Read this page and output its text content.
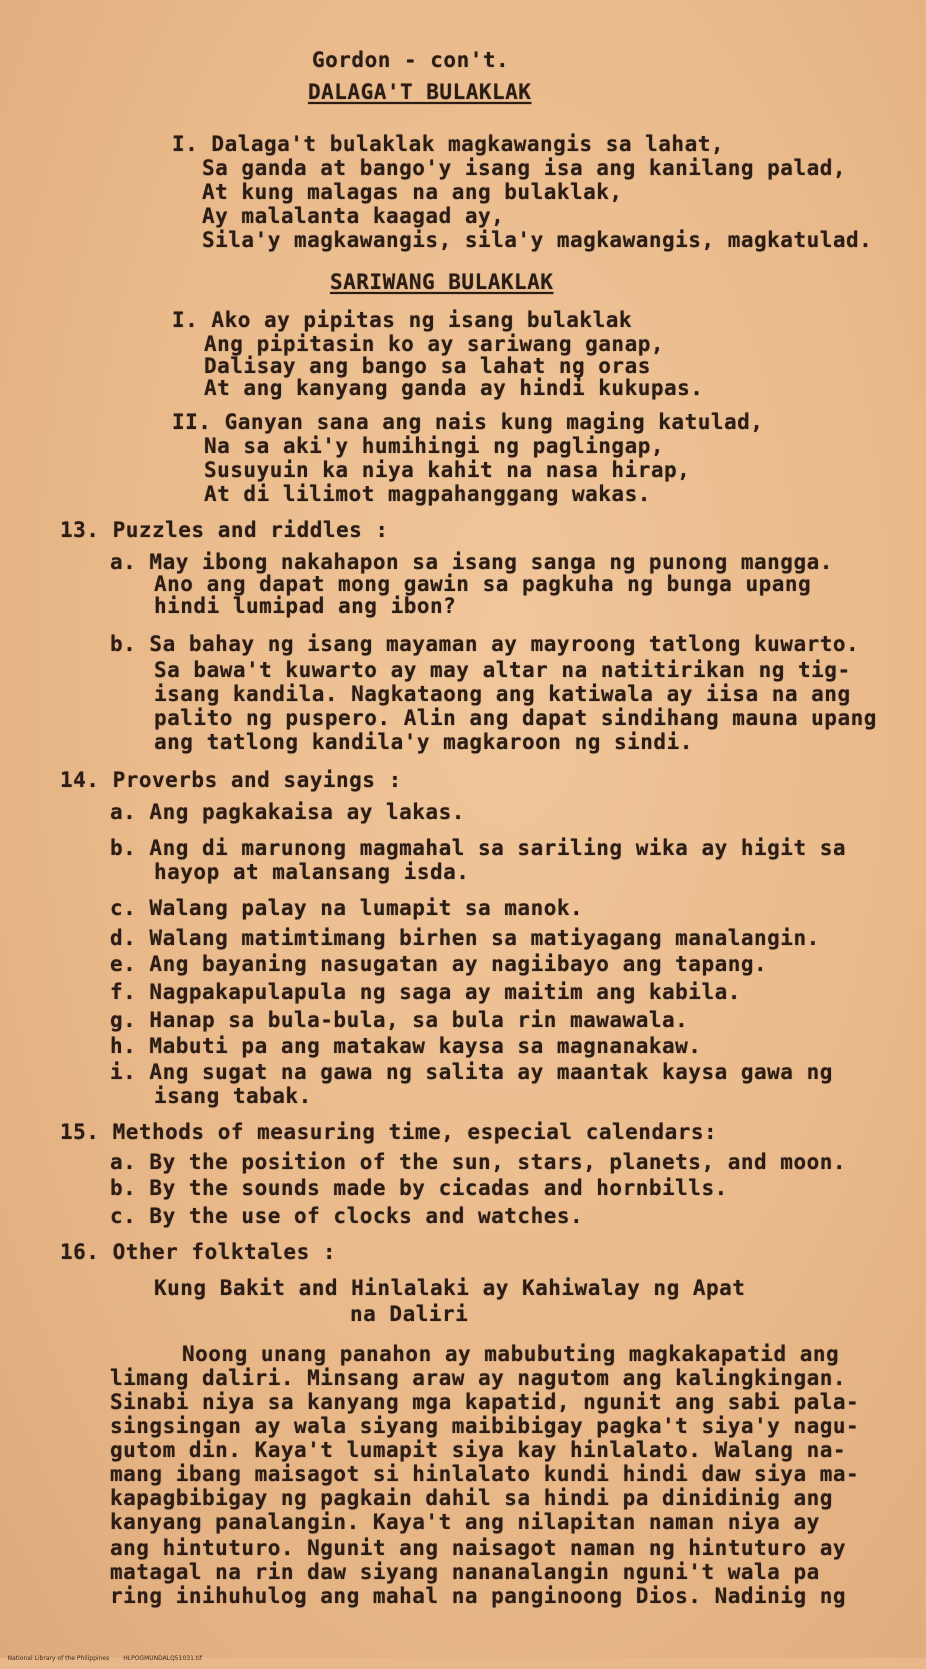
Gordon - con't.
DALAGA'T BULAKLAK
I. Dalaga't bulaklak magkawangis sa lahat,
Sa ganda at bango'y isang isa ang kanilang palad,
At kung malagas na ang bulaklak,
Ay malalanta kaagad ay,
Sila'y magkawangis, sila'y magkawangis, magkatulad.
SARIWANG BULAKLAK
I. Ako ay pipitas ng isang bulaklak
Ang pipitasin ko ay sariwang ganap,
Dalisay ang bango sa lahat ng oras
At ang kanyang ganda ay hindi kukupas.
II. Ganyan sana ang nais kung maging katulad,
Na sa aki'y humihingi ng paglingap,
Susuyuin ka niya kahit na nasa hirap,
At di lilimot magpahanggang wakas.
13. Puzzles and riddles :
a. May ibong nakahapon sa isang sanga ng punong mangga.
Ano ang dapat mong gawin sa pagkuha ng bunga upang
hindi lumipad ang ibon?
b. Sa bahay ng isang mayaman ay mayroong tatlong kuwarto.
Sa bawa't kuwarto ay may altar na natitirikan ng tig-
isang kandila. Nagkataong ang katiwala ay iisa na ang
palito ng puspero. Alin ang dapat sindihang mauna upang
ang tatlong kandila'y magkaroon ng sindi.
14. Proverbs and sayings :
a. Ang pagkakaisa ay lakas.
b. Ang di marunong magmahal sa sariling wika ay higit sa
hayop at malansang isda.
c. Walang palay na lumapit sa manok.
d. Walang matimtimang birhen sa matiyagang manalangin.
e. Ang bayaning nasugatan ay nagiibayo ang tapang.
f. Nagpakapulapula ng saga ay maitim ang kabila.
g. Hanap sa bula-bula, sa bula rin mawawala.
h. Mabuti pa ang matakaw kaysa sa magnanakaw.
i. Ang sugat na gawa ng salita ay maantak kaysa gawa ng
isang tabak.
15. Methods of measuring time, especial calendars:
a. By the position of the sun, stars, planets, and moon.
b. By the sounds made by cicadas and hornbills.
c. By the use of clocks and watches.
16. Other folktales :
Kung Bakit and Hinlalaki ay Kahiwalay ng Apat
na Daliri
Noong unang panahon ay mabubuting magkakapatid ang
limang daliri. Minsang araw ay nagutom ang kalingkingan.
Sinabi niya sa kanyang mga kapatid, ngunit ang sabi pala-
singsingan ay wala siyang maibibigay pagka't siya'y nagu-
gutom din. Kaya't lumapit siya kay hinlalato. Walang na-
mang ibang maisagot si hinlalato kundi hindi daw siya ma-
kapagbibigay ng pagkain dahil sa hindi pa dinidinig ang
kanyang panalangin. Kaya't ang nilapitan naman niya ay
ang hintuturo. Ngunit ang naisagot naman ng hintuturo ay
matagal na rin daw siyang nananalangin nguni't wala pa
ring inihuhulog ang mahal na panginoong Dios. Nadinig ng

National Library of the Philippines HLPOGMUNDALQ51031.tif
